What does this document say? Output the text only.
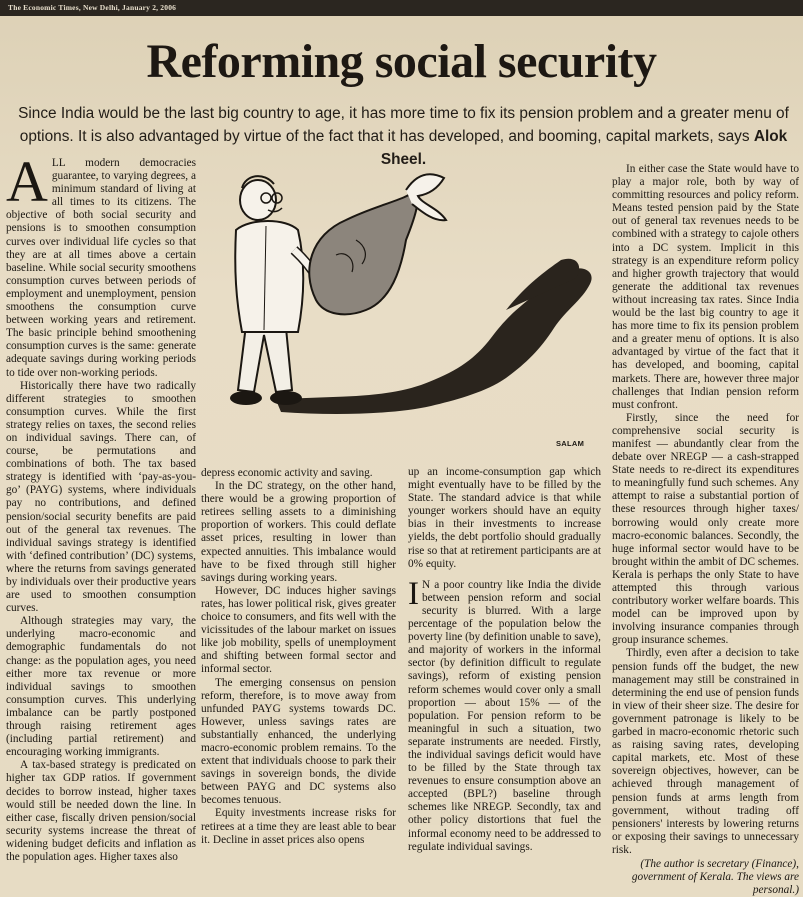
The Economic Times, New Delhi, January 2, 2006
Reforming social security
Since India would be the last big country to age, it has more time to fix its pension problem and a greater menu of options. It is also advantaged by virtue of the fact that it has developed, and booming, capital markets, says Alok Sheel.

ALL modern democracies guarantee, to varying degrees, a minimum standard of living at all times to its citizens. The objective of both social security and pensions is to smoothen consumption curves over individual life cycles so that they are at all times above a certain baseline. While social security smoothens consumption curves between periods of employment and unemployment, pension smoothens the consumption curve between working years and retirement. The basic principle behind smoothening consumption curves is the same: generate adequate savings during working periods to tide over non-working periods.

Historically there have two radically different strategies to smoothen consumption curves. While the first strategy relies on taxes, the second relies on individual savings. There can, of course, be permutations and combinations of both. The tax based strategy is identified with ‘pay-as-you-go’ (PAYG) systems, where individuals pay no contributions, and defined pension/social security benefits are paid out of the general tax revenues. The individual savings strategy is identified with ‘defined contribution’ (DC) systems, where the returns from savings generated by individuals over their productive years are used to smoothen consumption curves.

Although strategies may vary, the underlying macro-economic and demographic fundamentals do not change: as the population ages, you need either more tax revenue or more individual savings to smoothen consumption curves. This underlying imbalance can be partly postponed through raising retirement ages (including partial retirement) and encouraging working immigrants.

A tax-based strategy is predicated on higher tax GDP ratios. If government decides to borrow instead, higher taxes would still be needed down the line. In either case, fiscally driven pension/social security systems increase the threat of widening budget deficits and inflation as the population ages. Higher taxes also

SALAM

depress economic activity and saving.

In the DC strategy, on the other hand, there would be a growing proportion of retirees selling assets to a diminishing proportion of workers. This could deflate asset prices, resulting in lower than expected annuities. This imbalance would have to be fixed through still higher savings during working years.

However, DC induces higher savings rates, has lower political risk, gives greater choice to consumers, and fits well with the vicissitudes of the labour market on issues like job mobility, spells of unemployment and shifting between formal sector and informal sector.

The emerging consensus on pension reform, therefore, is to move away from unfunded PAYG systems towards DC. However, unless savings rates are substantially enhanced, the underlying macro-economic problem remains. To the extent that individuals choose to park their savings in sovereign bonds, the divide between PAYG and DC systems also becomes tenuous.

Equity investments increase risks for retirees at a time they are least able to bear it. Decline in asset prices also opens

up an income-consumption gap which might eventually have to be filled by the State. The standard advice is that while younger workers should have an equity bias in their investments to increase yields, the debt portfolio should gradually rise so that at retirement participants are at 0% equity.

I N a poor country like India the divide between pension reform and social security is blurred. With a large percentage of the population below the poverty line (by definition unable to save), and majority of workers in the informal sector (by definition difficult to regulate savings), reform of existing pension reform schemes would cover only a small proportion — about 15% — of the population. For pension reform to be meaningful in such a situation, two separate instruments are needed. Firstly, the individual savings deficit would have to be filled by the State through tax revenues to ensure consumption above an accepted (BPL?) baseline through schemes like NREGP. Secondly, tax and other policy distortions that fuel the informal economy need to be addressed to regulate individual savings.

In either case the State would have to play a major role, both by way of committing resources and policy reform. Means tested pension paid by the State out of general tax revenues needs to be combined with a strategy to cajole others into a DC system. Implicit in this strategy is an expenditure reform policy and higher growth trajectory that would generate the additional tax revenues without increasing tax rates. Since India would be the last big country to age it has more time to fix its pension problem and a greater menu of options. It is also advantaged by virtue of the fact that it has developed, and booming, capital markets. There are, however three major challenges that Indian pension reform must confront.

Firstly, since the need for comprehensive social security is manifest — abundantly clear from the debate over NREGP — a cash-strapped State needs to re-direct its expenditures to meaningfully fund such schemes. Any attempt to raise a substantial portion of these resources through higher taxes/ borrowing would only create more macro-economic balances. Secondly, the huge informal sector would have to be brought within the ambit of DC schemes. Kerala is perhaps the only State to have attempted this through various contributory worker welfare boards. This model can be improved upon by involving insurance companies through group insurance schemes.

Thirdly, even after a decision to take pension funds off the budget, the new management may still be constrained in determining the end use of pension funds in view of their sheer size. The desire for government patronage is likely to be garbed in macro-economic rhetoric such as raising saving rates, developing capital markets, etc. Most of these sovereign objectives, however, can be achieved through management of pension funds at arms length from government, without trading off pensioners' interests by lowering returns or exposing their savings to unnecessary risk.

(The author is secretary (Finance), government of Kerala. The views are personal.)
